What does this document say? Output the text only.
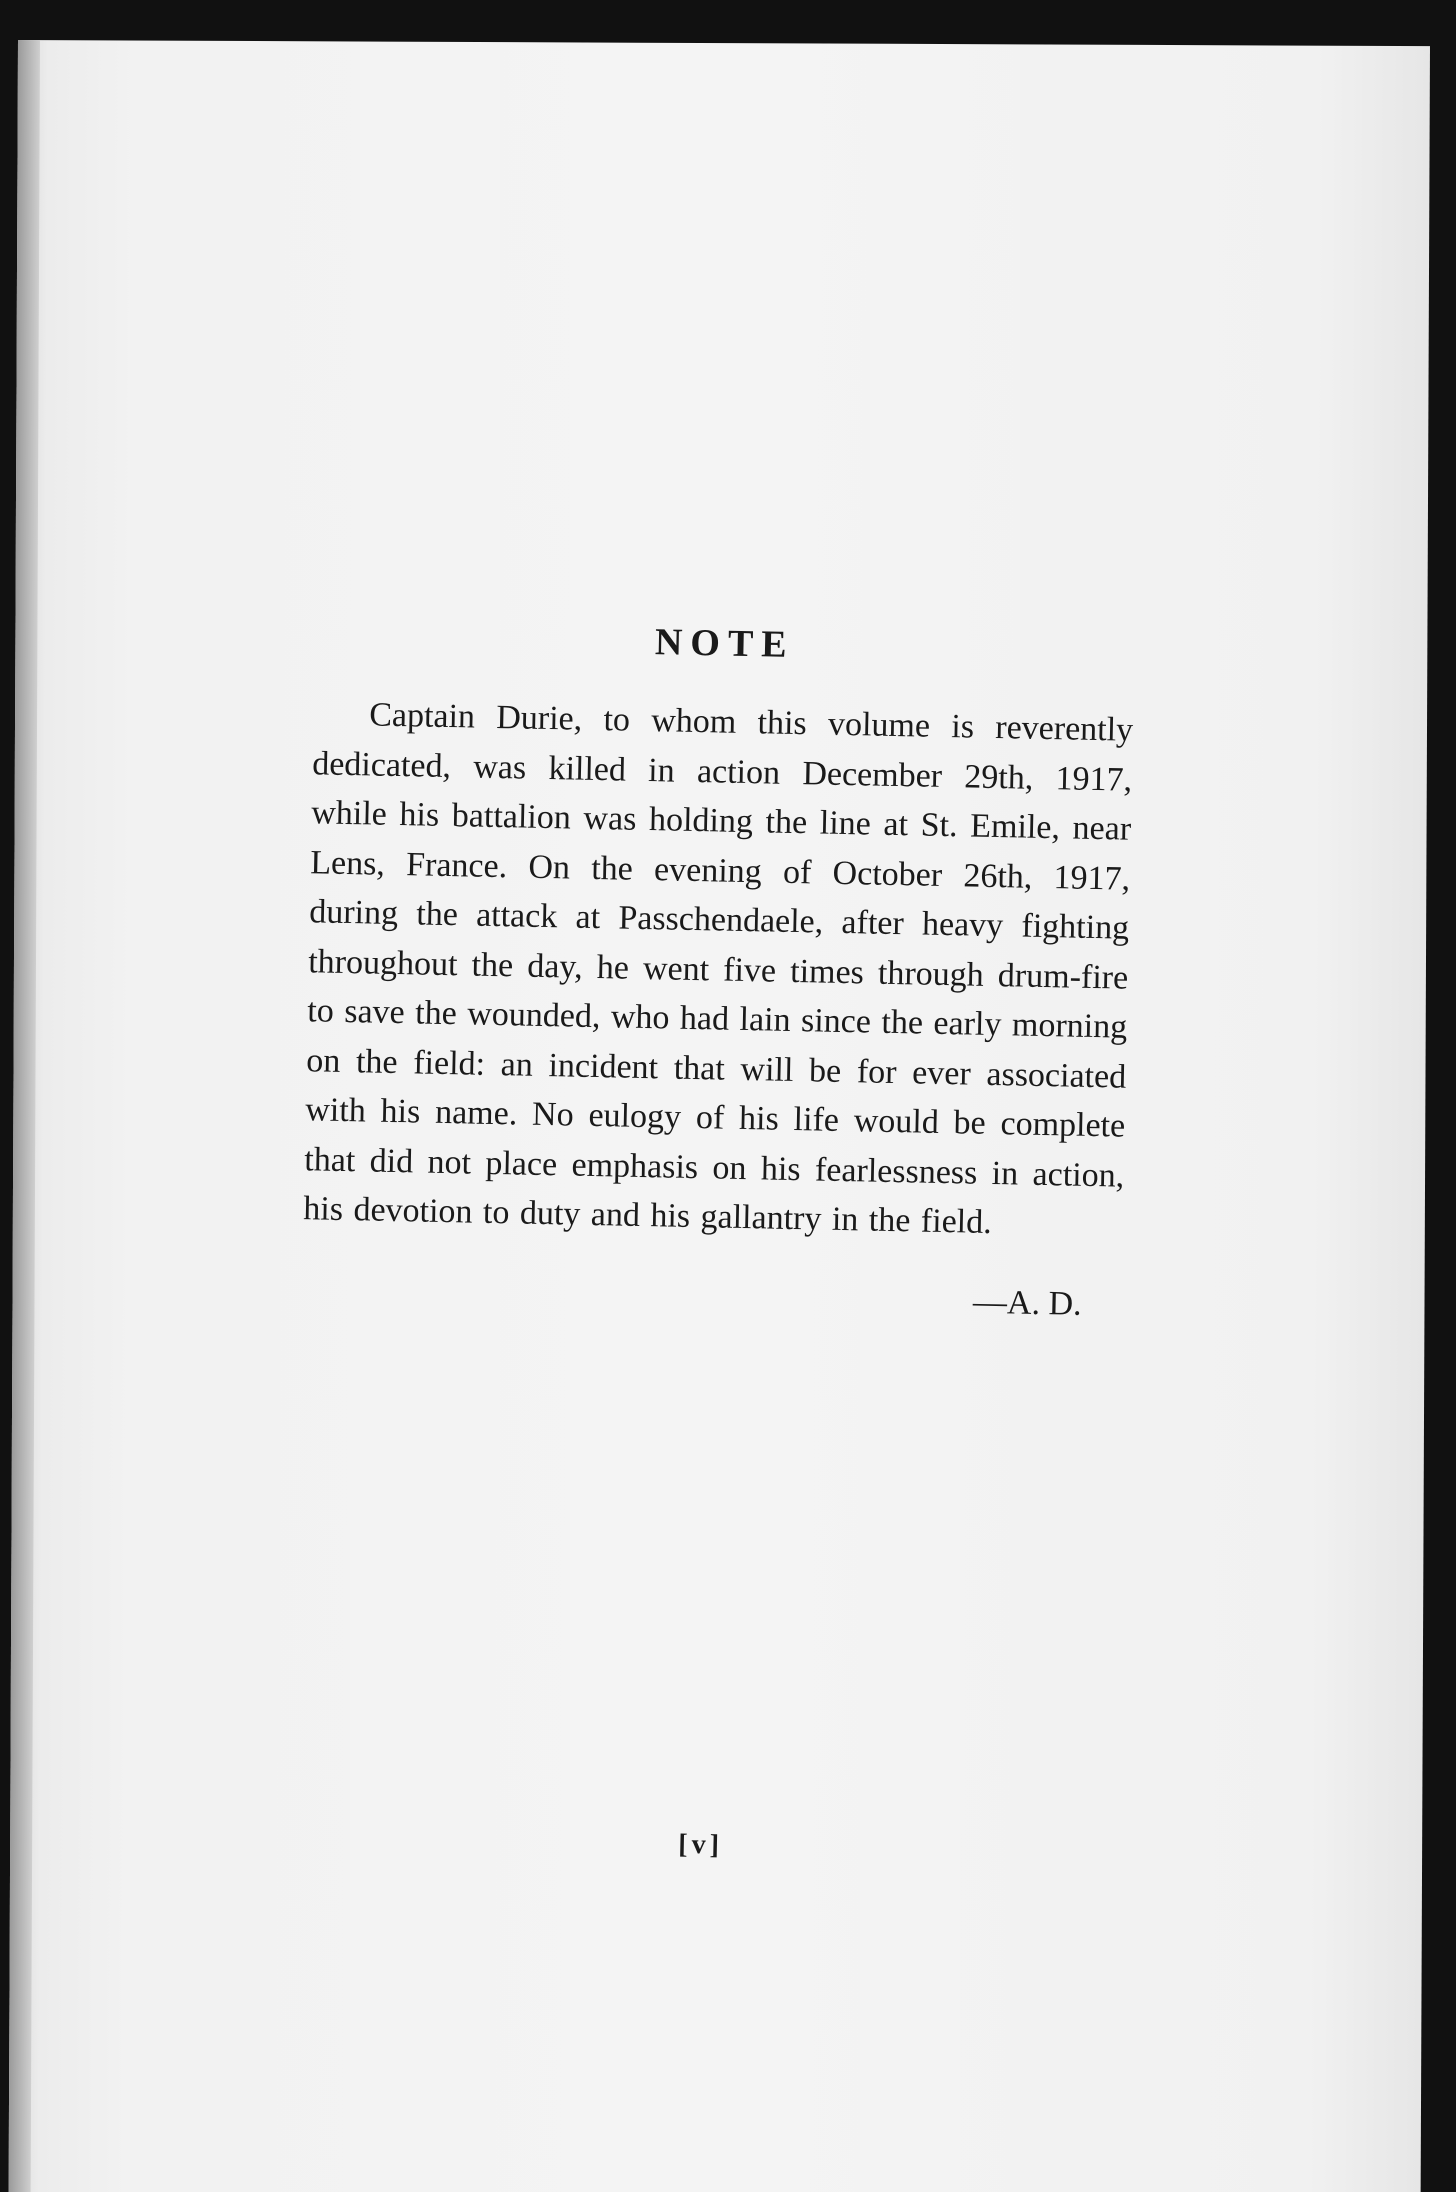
NOTE

Captain Durie, to whom this volume is reverently dedicated, was killed in action December 29th, 1917, while his battalion was holding the line at St. Emile, near Lens, France. On the evening of October 26th, 1917, during the attack at Passchendaele, after heavy fighting throughout the day, he went five times through drum-fire to save the wounded, who had lain since the early morning on the field: an incident that will be for ever associated with his name. No eulogy of his life would be complete that did not place emphasis on his fearlessness in action, his devotion to duty and his gallantry in the field.

—A. D.
[v]
